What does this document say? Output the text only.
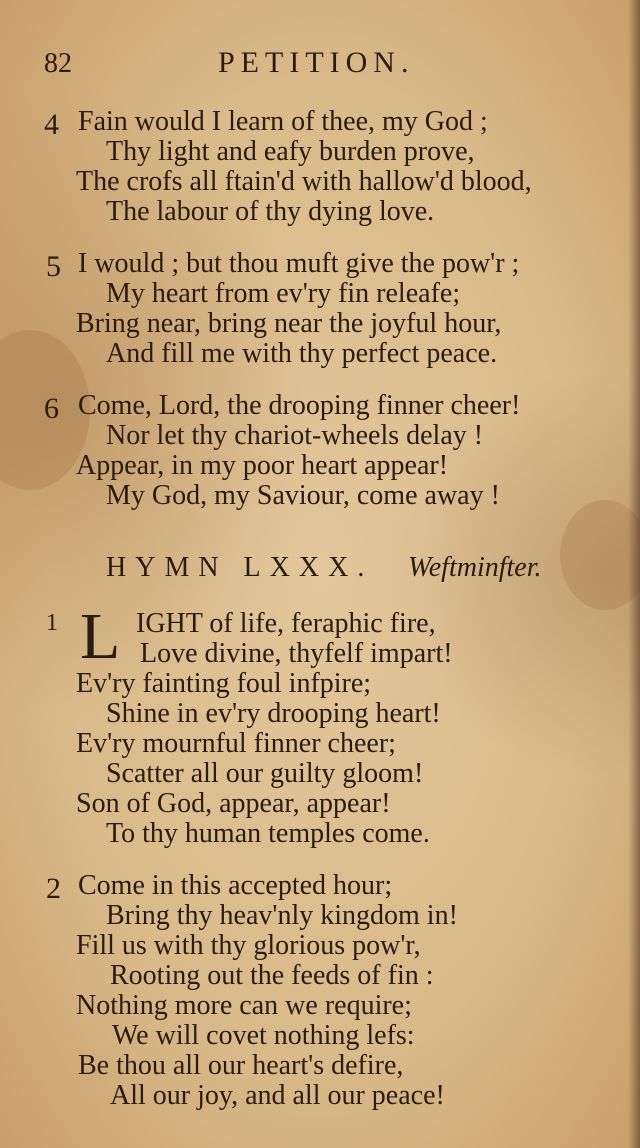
82	PETITION.
4 Fain would I learn of thee, my God ;
Thy light and eafy burden prove,
The crofs all ftain'd with hallow'd blood,
The labour of thy dying love.
5 I would ; but thou muft give the pow'r ;
My heart from ev'ry fin releafe;
Bring near, bring near the joyful hour,
And fill me with thy perfect peace.
6 Come, Lord, the drooping finner cheer!
Nor let thy chariot-wheels delay !
Appear, in my poor heart appear!
My God, my Saviour, come away !
HYMN LXXX. Weftminfter.
1 L IGHT of life, feraphic fire,
Love divine, thyfelf impart!
Ev'ry fainting foul infpire;
Shine in ev'ry drooping heart!
Ev'ry mournful finner cheer;
Scatter all our guilty gloom!
Son of God, appear, appear!
To thy human temples come.
2 Come in this accepted hour;
Bring thy heav'nly kingdom in!
Fill us with thy glorious pow'r,
Rooting out the feeds of fin :
Nothing more can we require;
We will covet nothing lefs:
Be thou all our heart's defire,
All our joy, and all our peace!
